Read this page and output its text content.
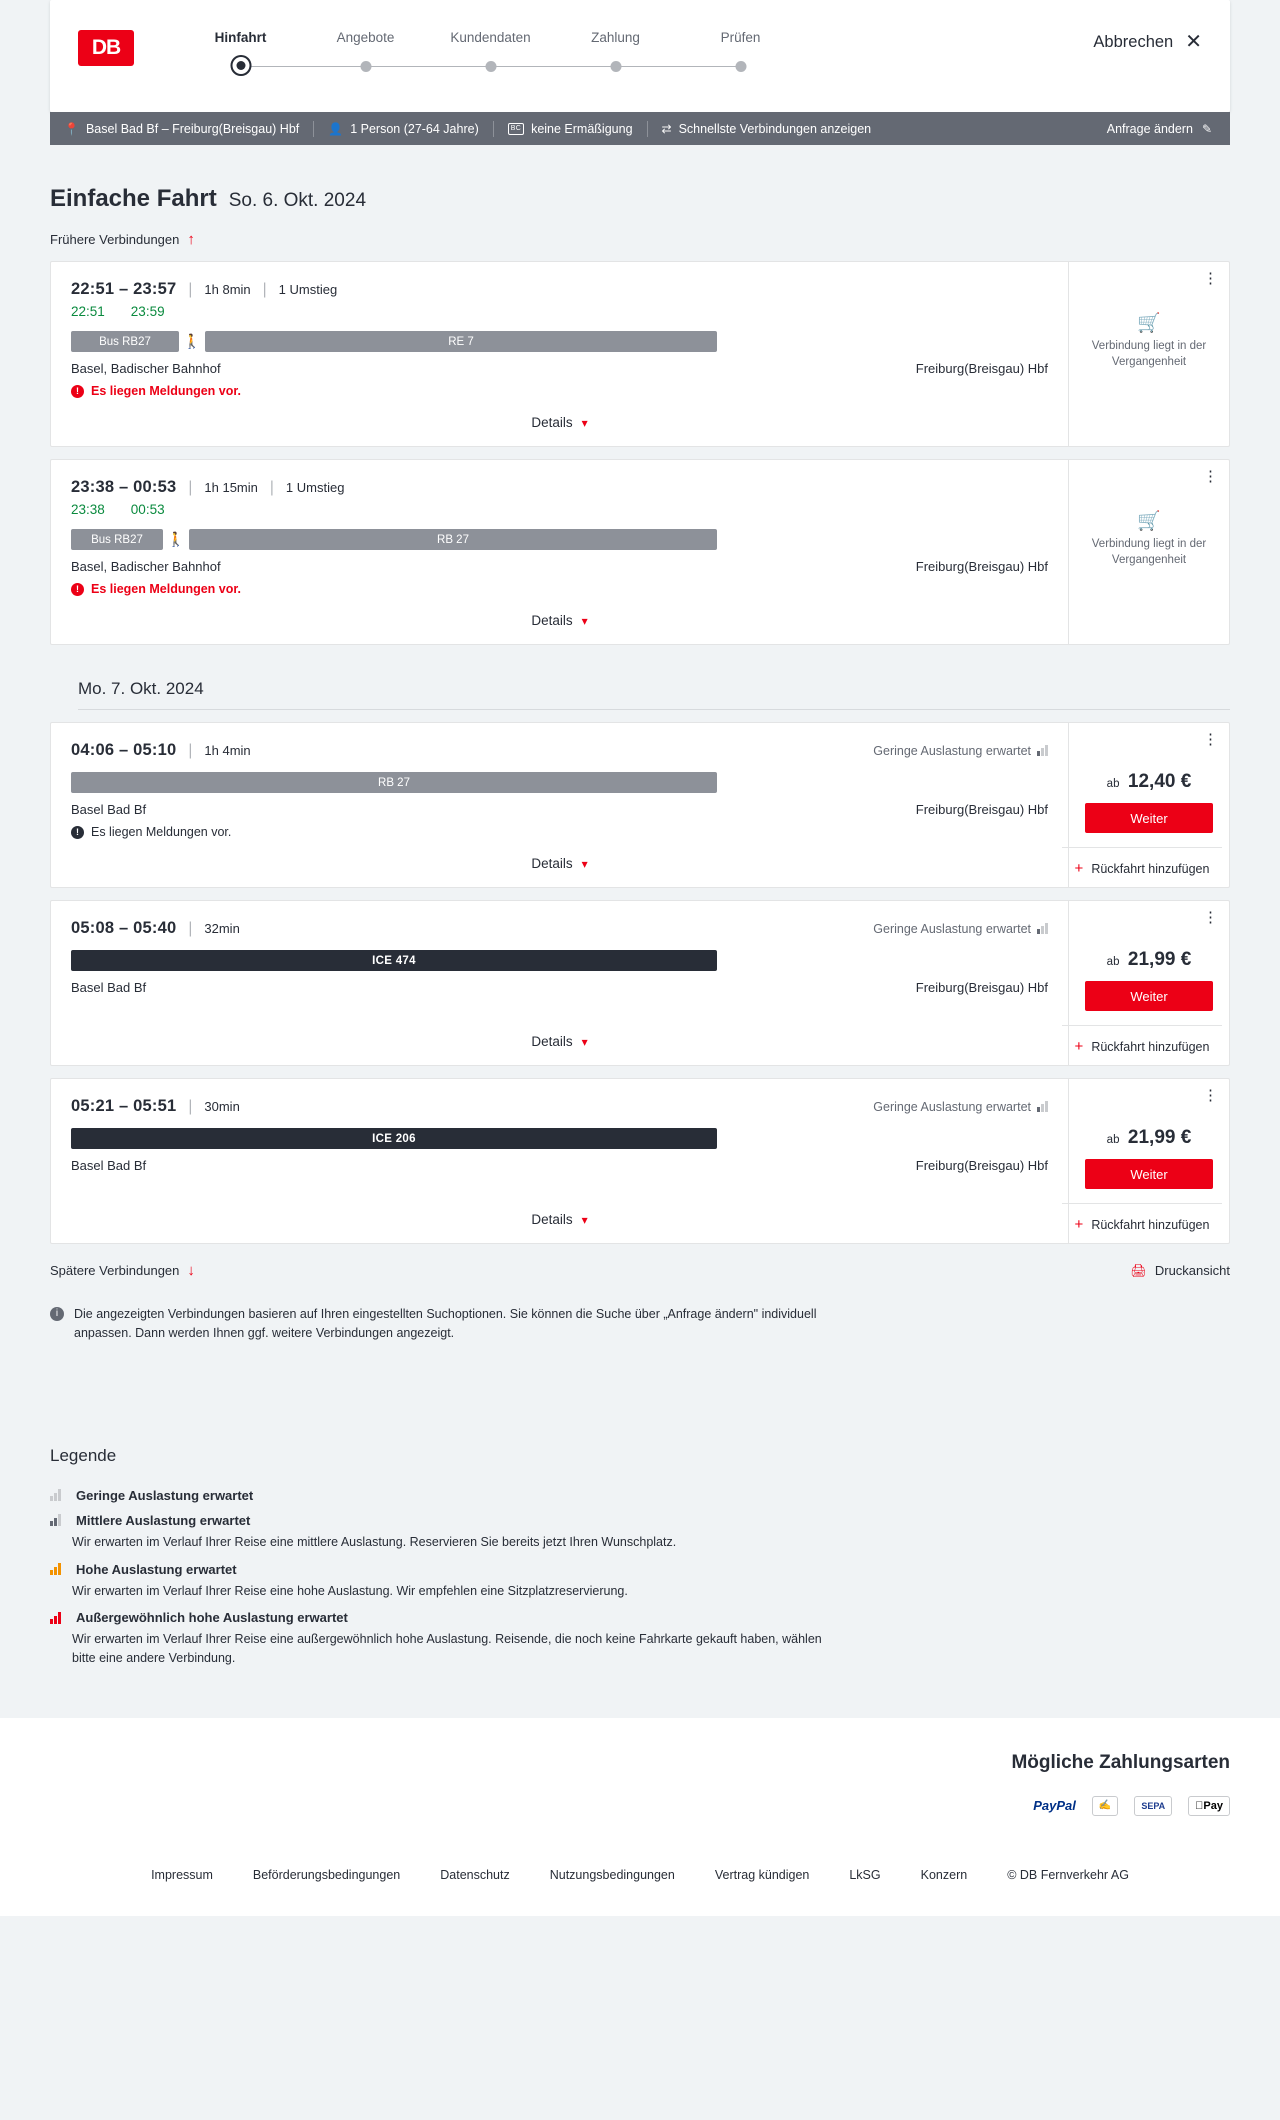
DB	Hinfahrt	Angebote	Kundendaten	Zahlung	Prüfen	Abbrechen ✕
📍 Basel Bad Bf – Freiburg(Breisgau) Hbf 👤 1 Person (27-64 Jahre)	BC keine Ermäßigung ⇄ Schnellste Verbindungen anzeigen	Anfrage ändern ✎
Einfache Fahrt So. 6. Okt. 2024
Frühere Verbindungen ↑
22:51 – 23:57 | 1h 8min | 1 Umstieg
22:51 23:59
Bus RB27	🚶	RE 7
Basel, Badischer Bahnhof	Freiburg(Breisgau) Hbf
! Es liegen Meldungen vor.
Details ▾
⋮
🛒
Verbindung liegt in der Vergangenheit
23:38 – 00:53 | 1h 15min | 1 Umstieg
23:38 00:53
Bus RB27	🚶	RB 27
Basel, Badischer Bahnhof	Freiburg(Breisgau) Hbf
! Es liegen Meldungen vor.
Details ▾
⋮
🛒
Verbindung liegt in der Vergangenheit
Mo. 7. Okt. 2024
04:06 – 05:10 | 1h 4min	Geringe Auslastung erwartet
RB 27
Basel Bad Bf	Freiburg(Breisgau) Hbf
! Es liegen Meldungen vor.
Details ▾
⋮
ab 12,40 €
Weiter
+ Rückfahrt hinzufügen
05:08 – 05:40 | 32min	Geringe Auslastung erwartet
ICE 474
Basel Bad Bf	Freiburg(Breisgau) Hbf
Details ▾
⋮
ab 21,99 €
Weiter
+ Rückfahrt hinzufügen
05:21 – 05:51 | 30min	Geringe Auslastung erwartet
ICE 206
Basel Bad Bf	Freiburg(Breisgau) Hbf
Details ▾
⋮
ab 21,99 €
Weiter
+ Rückfahrt hinzufügen
Spätere Verbindungen ↓	🖨 Druckansicht
i	Die angezeigten Verbindungen basieren auf Ihren eingestellten Suchoptionen. Sie können die Suche über „Anfrage ändern" individuell anpassen. Dann werden Ihnen ggf. weitere Verbindungen angezeigt.
Legende
Geringe Auslastung erwartet
Mittlere Auslastung erwartet
Wir erwarten im Verlauf Ihrer Reise eine mittlere Auslastung. Reservieren Sie bereits jetzt Ihren Wunschplatz.
Hohe Auslastung erwartet
Wir erwarten im Verlauf Ihrer Reise eine hohe Auslastung. Wir empfehlen eine Sitzplatzreservierung.
Außergewöhnlich hohe Auslastung erwartet
Wir erwarten im Verlauf Ihrer Reise eine außergewöhnlich hohe Auslastung. Reisende, die noch keine Fahrkarte gekauft haben, wählen bitte eine andere Verbindung.
Mögliche Zahlungsarten
PayPal	✍	SEPA	Pay
Impressum	Beförderungsbedingungen	Datenschutz	Nutzungsbedingungen	Vertrag kündigen	LkSG	Konzern	© DB Fernverkehr AG
